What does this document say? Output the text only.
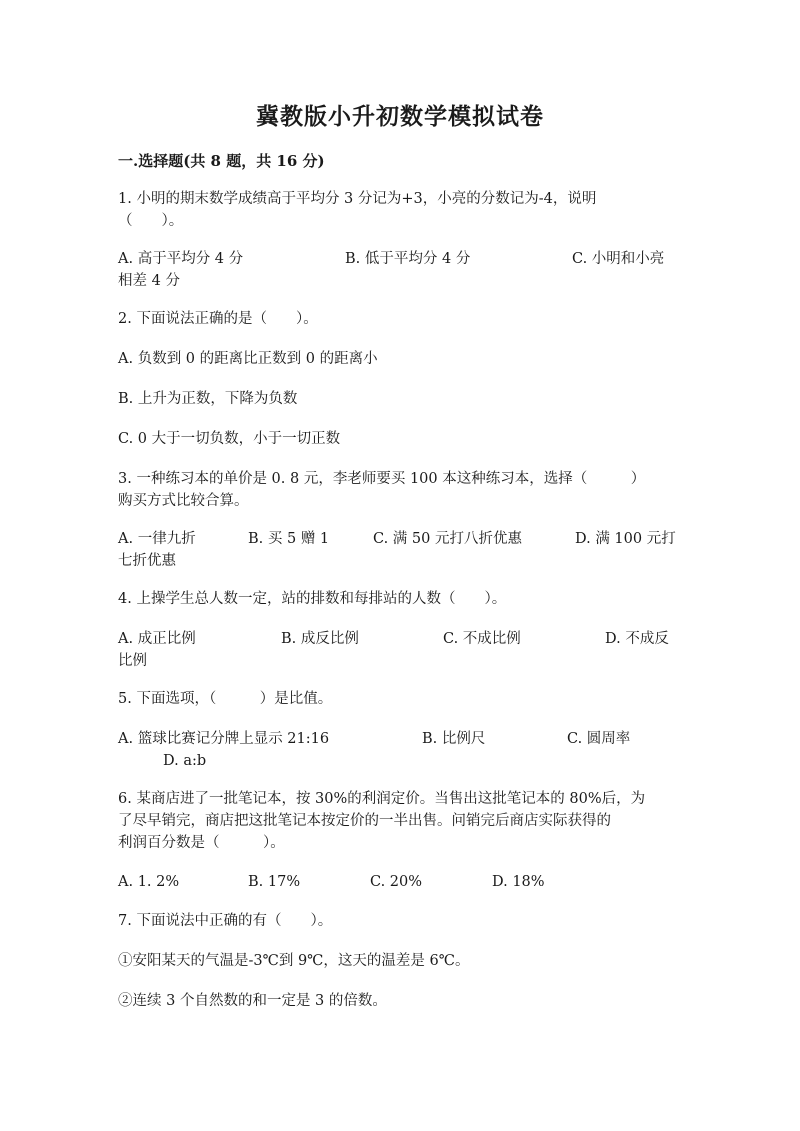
冀教版小升初数学模拟试卷
一.选择题(共 8 题，共 16 分)
1. 小明的期末数学成绩高于平均分 3 分记为+3，小亮的分数记为-4，说明
（　　）。
A. 高于平均分 4 分	B. 低于平均分 4 分	C. 小明和小亮
相差 4 分
2. 下面说法正确的是（　　）。
A. 负数到 0 的距离比正数到 0 的距离小
B. 上升为正数，下降为负数
C. 0 大于一切负数，小于一切正数
3. 一种练习本的单价是 0. 8 元，李老师要买 100 本这种练习本，选择（　　　）
购买方式比较合算。
A. 一律九折	B. 买 5 赠 1	C. 满 50 元打八折优惠	D. 满 100 元打
七折优惠
4. 上操学生总人数一定，站的排数和每排站的人数（　　）。
A. 成正比例	B. 成反比例	C. 不成比例	D. 不成反
比例
5. 下面选项，（　　　）是比值。
A. 篮球比赛记分牌上显示 21:16	B. 比例尺	C. 圆周率
D. a:b
6. 某商店进了一批笔记本，按 30%的利润定价。当售出这批笔记本的 80%后，为
了尽早销完，商店把这批笔记本按定价的一半出售。问销完后商店实际获得的
利润百分数是（　　　）。
A. 1. 2%	B. 17%	C. 20%	D. 18%
7. 下面说法中正确的有（　　）。
①安阳某天的气温是-3℃到 9℃，这天的温差是 6℃。
②连续 3 个自然数的和一定是 3 的倍数。
